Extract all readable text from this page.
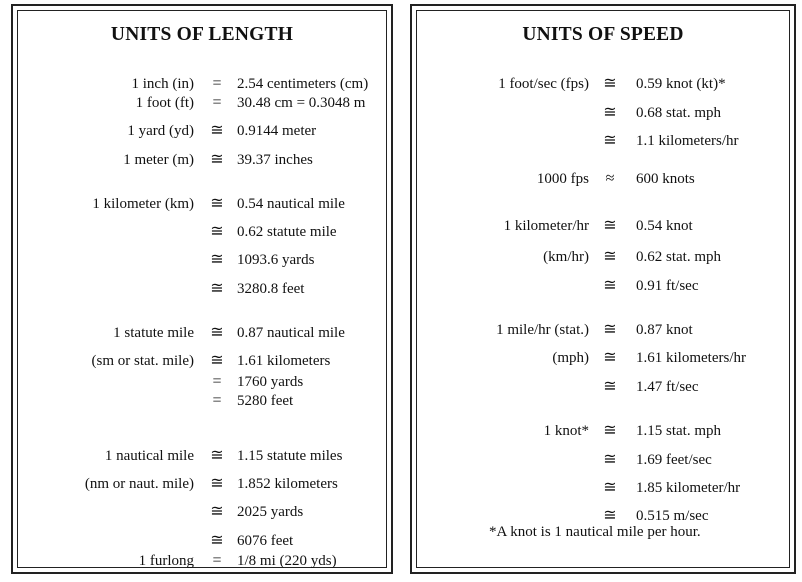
UNITS OF LENGTH
1 inch (in)	=	2.54 centimeters (cm)
1 foot (ft)	=	30.48 cm = 0.3048 m
1 yard (yd) ≅ 0.9144 meter
1 meter (m) ≅ 39.37 inches
1 kilometer (km) ≅ 0.54 nautical mile
≅ 0.62 statute mile
≅ 1093.6 yards
≅ 3280.8 feet
1 statute mile ≅ 0.87 nautical mile
(sm or stat. mile) ≅ 1.61 kilometers
=	1760 yards
=	5280 feet
1 nautical mile ≅ 1.15 statute miles
(nm or naut. mile) ≅ 1.852 kilometers
≅ 2025 yards
≅ 6076 feet
1 furlong	=	1/8 mi (220 yds)
UNITS OF SPEED
1 foot/sec (fps) ≅ 0.59 knot (kt)*
≅ 0.68 stat. mph
≅ 1.1 kilometers/hr
1000 fps	≈	600 knots
1 kilometer/hr ≅ 0.54 knot
(km/hr) ≅ 0.62 stat. mph
≅ 0.91 ft/sec
1 mile/hr (stat.) ≅ 0.87 knot
(mph) ≅ 1.61 kilometers/hr
≅ 1.47 ft/sec
1 knot* ≅ 1.15 stat. mph
≅ 1.69 feet/sec
≅ 1.85 kilometer/hr
≅ 0.515 m/sec
*A knot is 1 nautical mile per hour.
